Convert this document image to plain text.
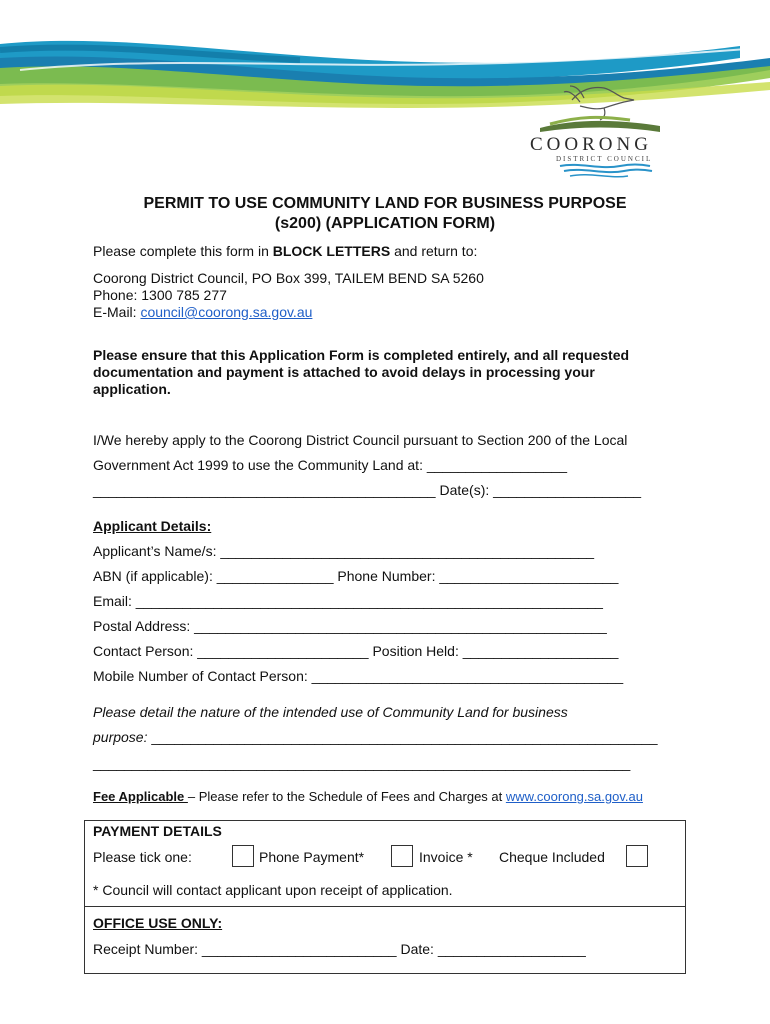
COORONG
DISTRICT COUNCIL
PERMIT TO USE COMMUNITY LAND FOR BUSINESS PURPOSE
(s200) (APPLICATION FORM)
Please complete this form in BLOCK LETTERS and return to:
Coorong District Council, PO Box 399, TAILEM BEND SA 5260
Phone: 1300 785 277
E-Mail: council@coorong.sa.gov.au
Please ensure that this Application Form is completed entirely, and all requested
documentation and payment is attached to avoid delays in processing your
application.
I/We hereby apply to the Coorong District Council pursuant to Section 200 of the Local
Government Act 1999 to use the Community Land at: __________________
____________________________________________ Date(s): ___________________
Applicant Details:
Applicant’s Name/s: ________________________________________________
ABN (if applicable): _______________ Phone Number: _______________________
Email: ____________________________________________________________
Postal Address: _____________________________________________________
Contact Person: ______________________ Position Held: ____________________
Mobile Number of Contact Person: ________________________________________
Please detail the nature of the intended use of Community Land for business
purpose: _________________________________________________________________
_____________________________________________________________________
Fee Applicable – Please refer to the Schedule of Fees and Charges at www.coorong.sa.gov.au
PAYMENT DETAILS
Please tick one:	Phone Payment*	Invoice * Cheque Included
* Council will contact applicant upon receipt of application.
OFFICE USE ONLY:
Receipt Number: _________________________ Date: ___________________
